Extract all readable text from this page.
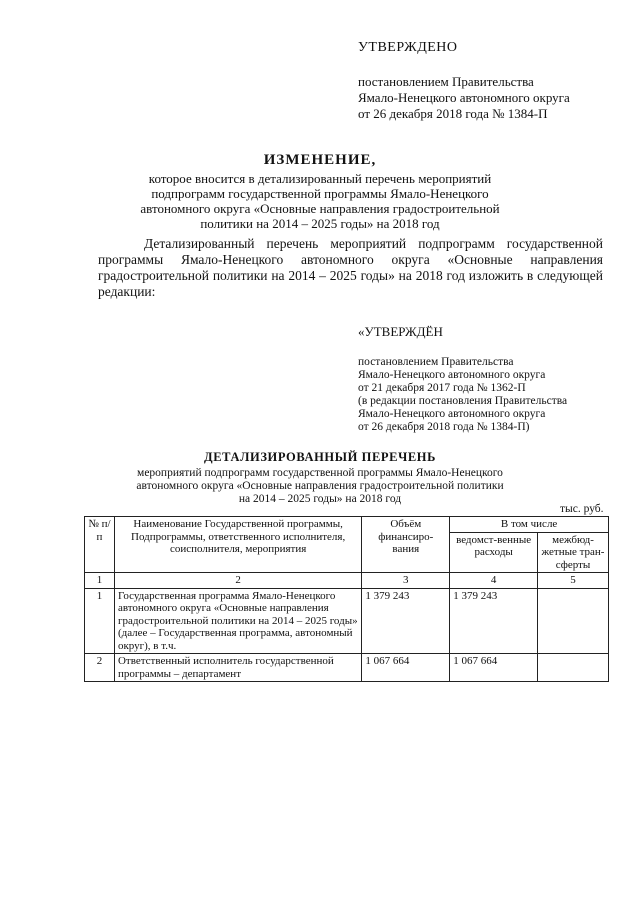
УТВЕРЖДЕНО
постановлением Правительства
Ямало-Ненецкого автономного округа
от 26 декабря 2018 года № 1384-П
ИЗМЕНЕНИЕ,
которое вносится в детализированный перечень мероприятий
подпрограмм государственной программы Ямало-Ненецкого
автономного округа «Основные направления градостроительной
политики на 2014 – 2025 годы» на 2018 год
Детализированный перечень мероприятий подпрограмм государственной программы Ямало-Ненецкого автономного округа «Основные направления градостроительной политики на 2014 – 2025 годы» на 2018 год изложить в следующей редакции:
«УТВЕРЖДЁН
постановлением Правительства
Ямало-Ненецкого автономного округа
от 21 декабря 2017 года № 1362-П
(в редакции постановления Правительства
Ямало-Ненецкого автономного округа
от 26 декабря 2018 года № 1384-П)
ДЕТАЛИЗИРОВАННЫЙ ПЕРЕЧЕНЬ
мероприятий подпрограмм государственной программы Ямало-Ненецкого
автономного округа «Основные направления градостроительной политики
на 2014 – 2025 годы» на 2018 год
тыс. руб.
№ п/п	Наименование Государственной программы, Подпрограммы, ответственного исполнителя, соисполнителя, мероприятия	Объём финансиро-вания	В том числе	
			ведомст-венные расходы	межбюд-жетные тран-сферты
1	2	3	4	5
1	Государственная программа Ямало-Ненецкого автономного округа «Основные направления градостроительной политики на 2014 – 2025 годы» (далее – Государственная программа, автономный округ), в т.ч.	1 379 243	1 379 243	
2	Ответственный исполнитель государственной программы – департамент	1 067 664	1 067 664	
